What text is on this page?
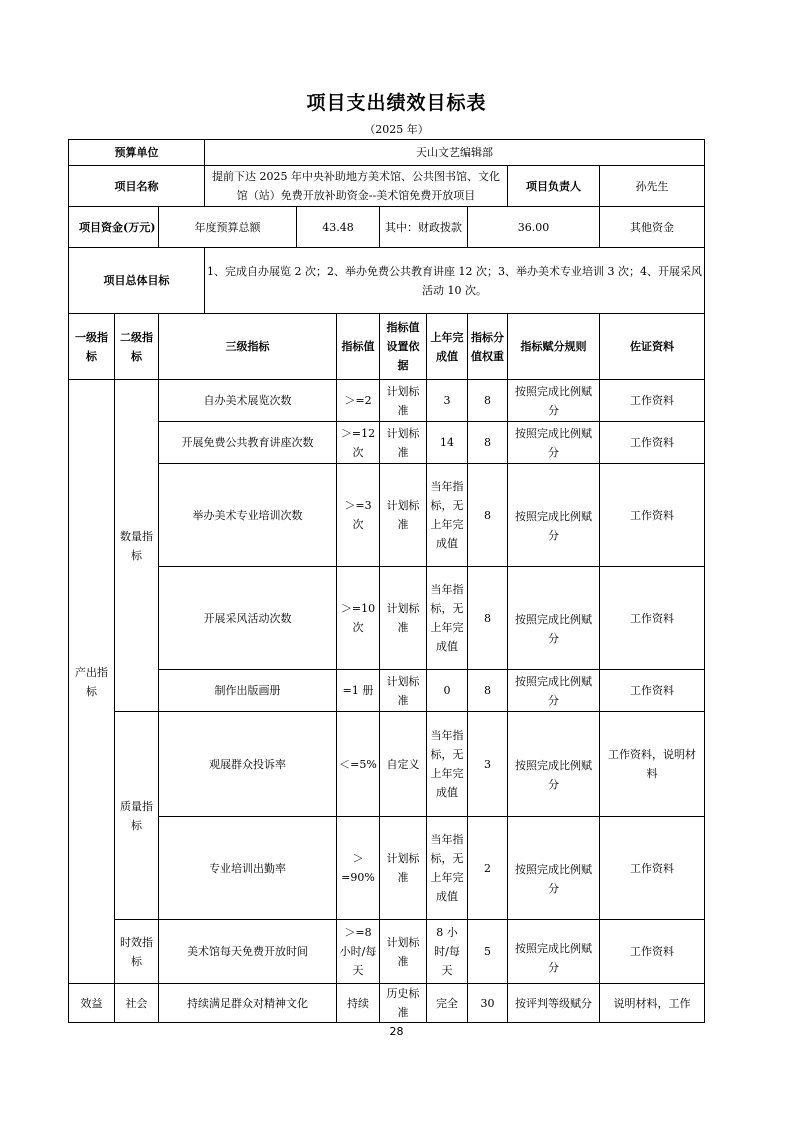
项目支出绩效目标表
（2025 年）
预算单位			天山文艺编辑部								
项目名称			提前下达 2025 年中央补助地方美术馆、公共图书馆、文化馆（站）免费开放补助资金--美术馆免费开放项目						项目负责人	孙先生	
项目资金(万元)		年度预算总额		43.48		其中：财政拨款		36.00		其他资金	
项目总体目标			1、完成自办展览 2 次；2、举办免费公共教育讲座 12 次；3、举办美术专业培训 3 次；4、开展采风活动 10 次。								
一级指标	二级指标	三级指标			指标值	指标值设置依据	上年完成值	指标分值权重	指标赋分规则	佐证资料	
产出指标	数量指标	自办美术展览次数			＞=2	计划标准	3	8	按照完成比例赋分	工作资料	
		开展免费公共教育讲座次数			＞=12次	计划标准	14	8	按照完成比例赋分	工作资料	
		举办美术专业培训次数			＞=3次	计划标准	当年指标，无上年完成值	8	按照完成比例赋分	工作资料	
		开展采风活动次数			＞=10次	计划标准	当年指标，无上年完成值	8	按照完成比例赋分	工作资料	
		制作出版画册			=1 册	计划标准	0	8	按照完成比例赋分	工作资料	
	质量指标	观展群众投诉率			＜=5%	自定义	当年指标，无上年完成值	3	按照完成比例赋分	工作资料，说明材料	
		专业培训出勤率			＞=90%	计划标准	当年指标，无上年完成值	2	按照完成比例赋分	工作资料	
	时效指标	美术馆每天免费开放时间			＞=8小时/每天	计划标准	8 小时/每天	5	按照完成比例赋分	工作资料	
效益	社会	持续满足群众对精神文化			持续	历史标准	完全	30	按评判等级赋分	说明材料，工作	
28
